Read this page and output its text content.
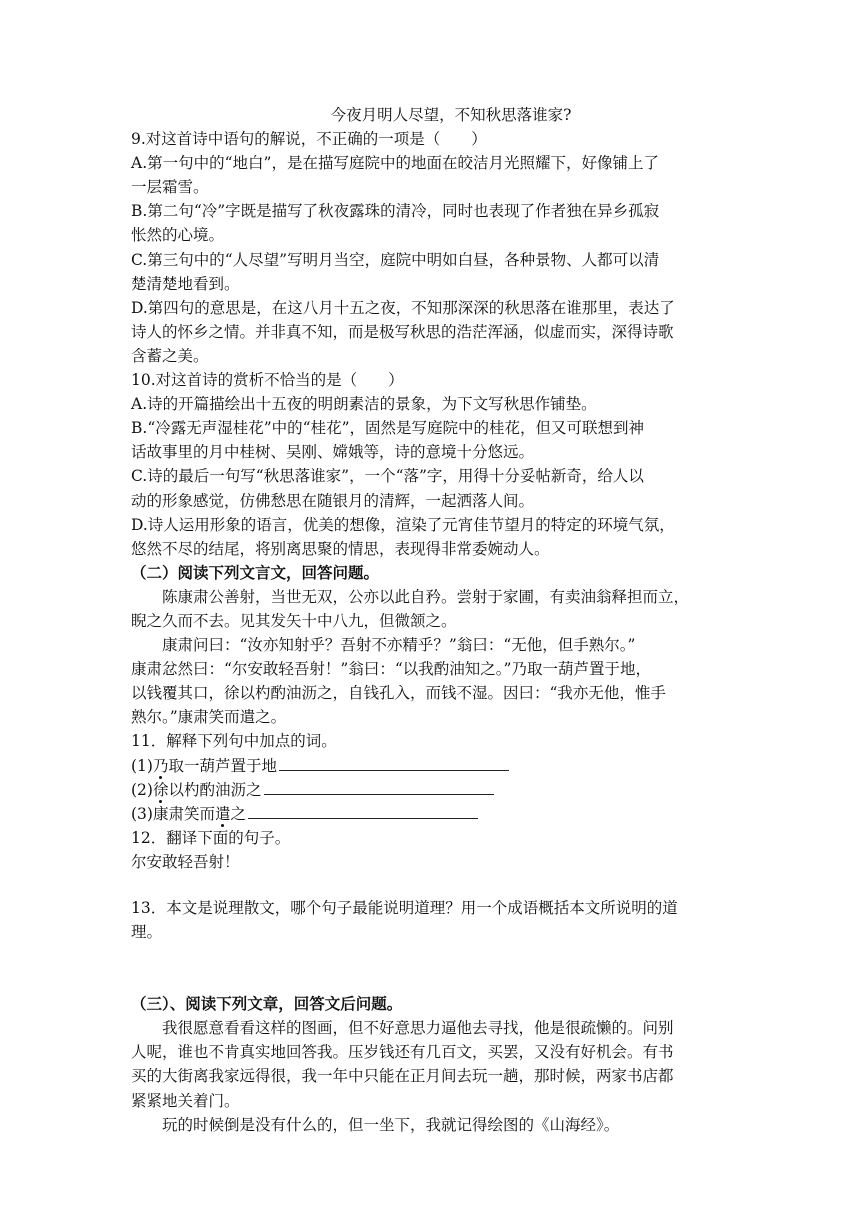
今夜月明人尽望，不知秋思落谁家?

9.对这首诗中语句的解说，不正确的一项是（　　）

A.第一句中的“地白”，是在描写庭院中的地面在皎洁月光照耀下，好像铺上了

一层霜雪。

B.第二句“冷”字既是描写了秋夜露珠的清冷，同时也表现了作者独在异乡孤寂

怅然的心境。

C.第三句中的“人尽望”写明月当空，庭院中明如白昼，各种景物、人都可以清

楚清楚地看到。

D.第四句的意思是，在这八月十五之夜，不知那深深的秋思落在谁那里，表达了

诗人的怀乡之情。并非真不知，而是极写秋思的浩茫浑涵，似虚而实，深得诗歌

含蓄之美。

10.对这首诗的赏析不恰当的是（　　）

A.诗的开篇描绘出十五夜的明朗素洁的景象，为下文写秋思作铺垫。

B.“冷露无声湿桂花”中的“桂花”，固然是写庭院中的桂花，但又可联想到神

话故事里的月中桂树、吴刚、嫦娥等，诗的意境十分悠远。

C.诗的最后一句写“秋思落谁家”，一个“落”字，用得十分妥帖新奇，给人以

动的形象感觉，仿佛愁思在随银月的清辉，一起洒落人间。

D.诗人运用形象的语言，优美的想像，渲染了元宵佳节望月的特定的环境气氛，

悠然不尽的结尾，将别离思聚的情思，表现得非常委婉动人。

（二）阅读下列文言文，回答问题。

陈康肃公善射，当世无双，公亦以此自矜。尝射于家圃，有卖油翁释担而立，

睨之久而不去。见其发矢十中八九，但微颔之。

康肃问曰：“汝亦知射乎？吾射不亦精乎？”翁曰：“无他，但手熟尔。”

康肃忿然曰：“尔安敢轻吾射！”翁曰：“以我酌油知之。”乃取一葫芦置于地，

以钱覆其口，徐以杓酌油沥之，自钱孔入，而钱不湿。因曰：“我亦无他，惟手

熟尔。”康肃笑而遣之。

11．解释下列句中加点的词。

(1)乃取一葫芦置于地

(2)徐以杓酌油沥之

(3)康肃笑而遣之

12．翻译下面的句子。

尔安敢轻吾射！

13．本文是说理散文，哪个句子最能说明道理？用一个成语概括本文所说明的道

理。

（三）、阅读下列文章，回答文后问题。

我很愿意看看这样的图画，但不好意思力逼他去寻找，他是很疏懒的。问别

人呢，谁也不肯真实地回答我。压岁钱还有几百文，买罢，又没有好机会。有书

买的大街离我家远得很，我一年中只能在正月间去玩一趟，那时候，两家书店都

紧紧地关着门。

玩的时候倒是没有什么的，但一坐下，我就记得绘图的《山海经》。
